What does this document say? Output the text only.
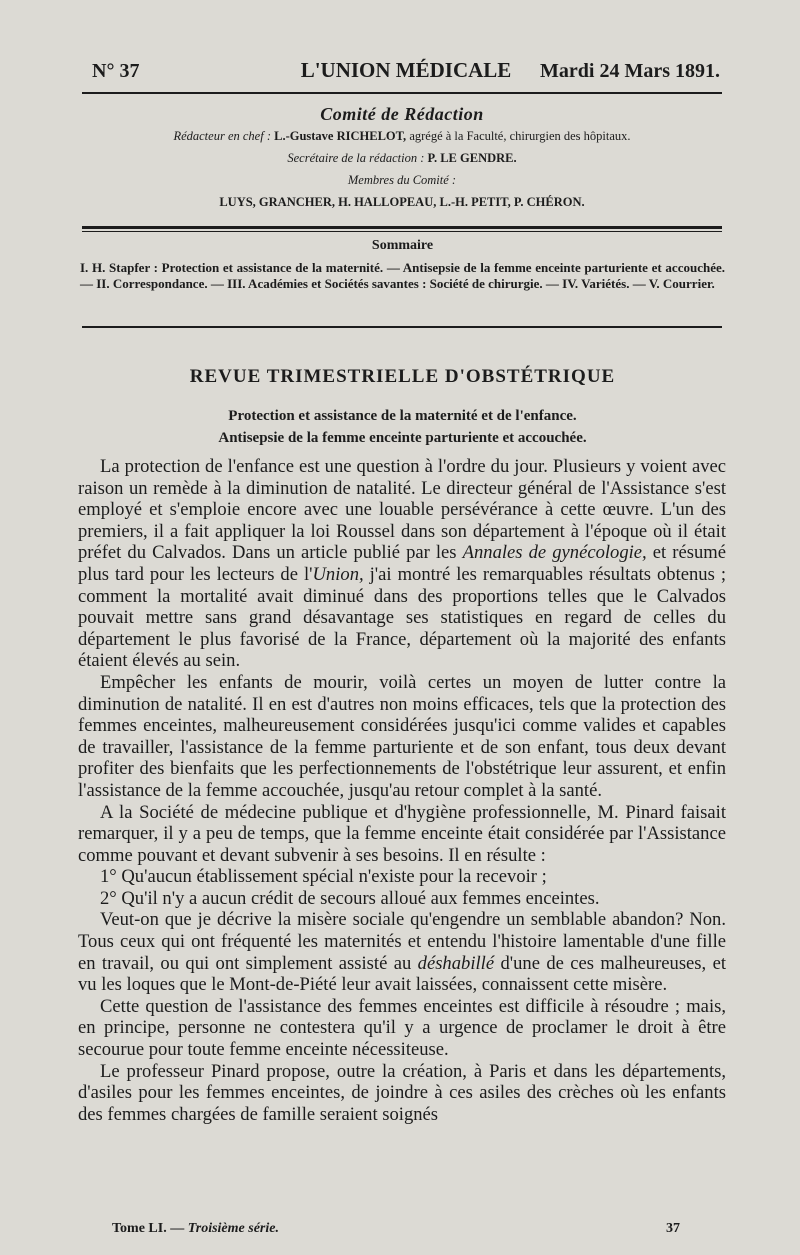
N° 37	L'UNION MÉDICALE	Mardi 24 Mars 1891.
Comité de Rédaction
Rédacteur en chef : L.-Gustave RICHELOT, agrégé à la Faculté, chirurgien des hôpitaux.
Secrétaire de la rédaction : P. LE GENDRE.
Membres du Comité :
LUYS, GRANCHER, H. HALLOPEAU, L.-H. PETIT, P. CHÉRON.
Sommaire

I. H. Stapfer : Protection et assistance de la maternité. — Antisepsie de la femme enceinte parturiente et accouchée. — II. Correspondance. — III. Académies et Sociétés savantes : Société de chirurgie. — IV. Variétés. — V. Courrier.

REVUE TRIMESTRIELLE D'OBSTÉTRIQUE
Protection et assistance de la maternité et de l'enfance.
Antisepsie de la femme enceinte parturiente et accouchée.

La protection de l'enfance est une question à l'ordre du jour. Plusieurs y voient avec raison un remède à la diminution de natalité. Le directeur général de l'Assistance s'est employé et s'emploie encore avec une louable persévérance à cette œuvre. L'un des premiers, il a fait appliquer la loi Roussel dans son département à l'époque où il était préfet du Calvados. Dans un article publié par les Annales de gynécologie, et résumé plus tard pour les lecteurs de l'Union, j'ai montré les remarquables résultats obtenus ; comment la mortalité avait diminué dans des proportions telles que le Calvados pouvait mettre sans grand désavantage ses statistiques en regard de celles du département le plus favorisé de la France, département où la majorité des enfants étaient élevés au sein.

Empêcher les enfants de mourir, voilà certes un moyen de lutter contre la diminution de natalité. Il en est d'autres non moins efficaces, tels que la protection des femmes enceintes, malheureusement considérées jusqu'ici comme valides et capables de travailler, l'assistance de la femme parturiente et de son enfant, tous deux devant profiter des bienfaits que les perfectionnements de l'obstétrique leur assurent, et enfin l'assistance de la femme accouchée, jusqu'au retour complet à la santé.

A la Société de médecine publique et d'hygiène professionnelle, M. Pinard faisait remarquer, il y a peu de temps, que la femme enceinte était considérée par l'Assistance comme pouvant et devant subvenir à ses besoins. Il en résulte :

1° Qu'aucun établissement spécial n'existe pour la recevoir ;

2° Qu'il n'y a aucun crédit de secours alloué aux femmes enceintes.

Veut-on que je décrive la misère sociale qu'engendre un semblable abandon? Non. Tous ceux qui ont fréquenté les maternités et entendu l'histoire lamentable d'une fille en travail, ou qui ont simplement assisté au déshabillé d'une de ces malheureuses, et vu les loques que le Mont-de-Piété leur avait laissées, connaissent cette misère.

Cette question de l'assistance des femmes enceintes est difficile à résoudre ; mais, en principe, personne ne contestera qu'il y a urgence de proclamer le droit à être secourue pour toute femme enceinte nécessiteuse.

Le professeur Pinard propose, outre la création, à Paris et dans les départements, d'asiles pour les femmes enceintes, de joindre à ces asiles des crèches où les enfants des femmes chargées de famille seraient soignés

Tome LI. — Troisième série.	37
